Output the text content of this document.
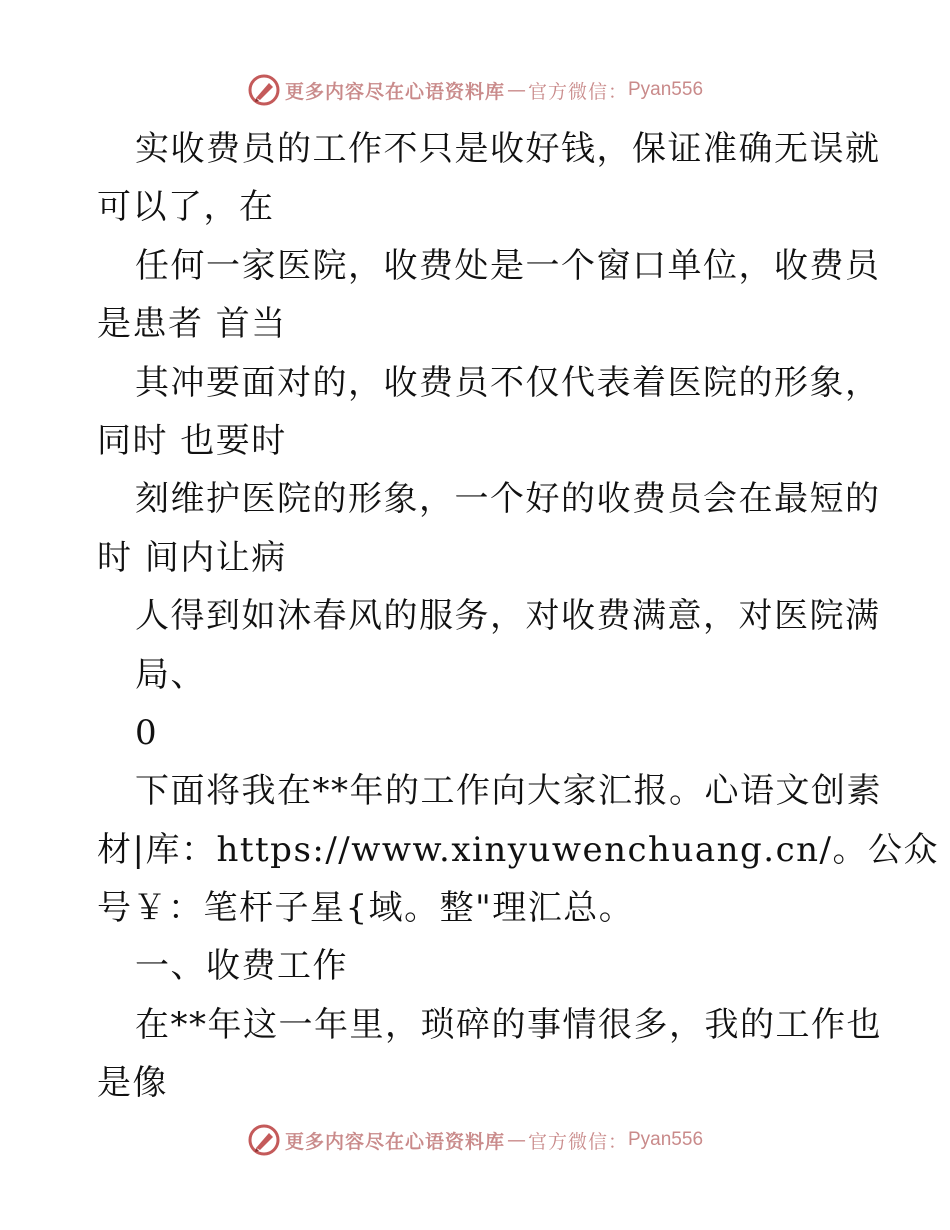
更多内容尽在心语资料库 — 官方微信： Pyan556
实收费员的工作不只是收好钱，保证准确无误就
可以了，在
任何一家医院，收费处是一个窗口单位，收费员
是患者 首当
其冲要面对的，收费员不仅代表着医院的形象，
同时 也要时
刻维护医院的形象，一个好的收费员会在最短的
时 间内让病
人得到如沐春风的服务，对收费满意，对医院满
局、
0
下面将我在**年的工作向大家汇报。心语文创素
材|库：https://www.xinyuwenchuang.cn/。公众
号￥：笔杆子星{域。整"理汇总。
一、收费工作
在**年这一年里，琐碎的事情很多，我的工作也
是像
更多内容尽在心语资料库 — 官方微信： Pyan556
